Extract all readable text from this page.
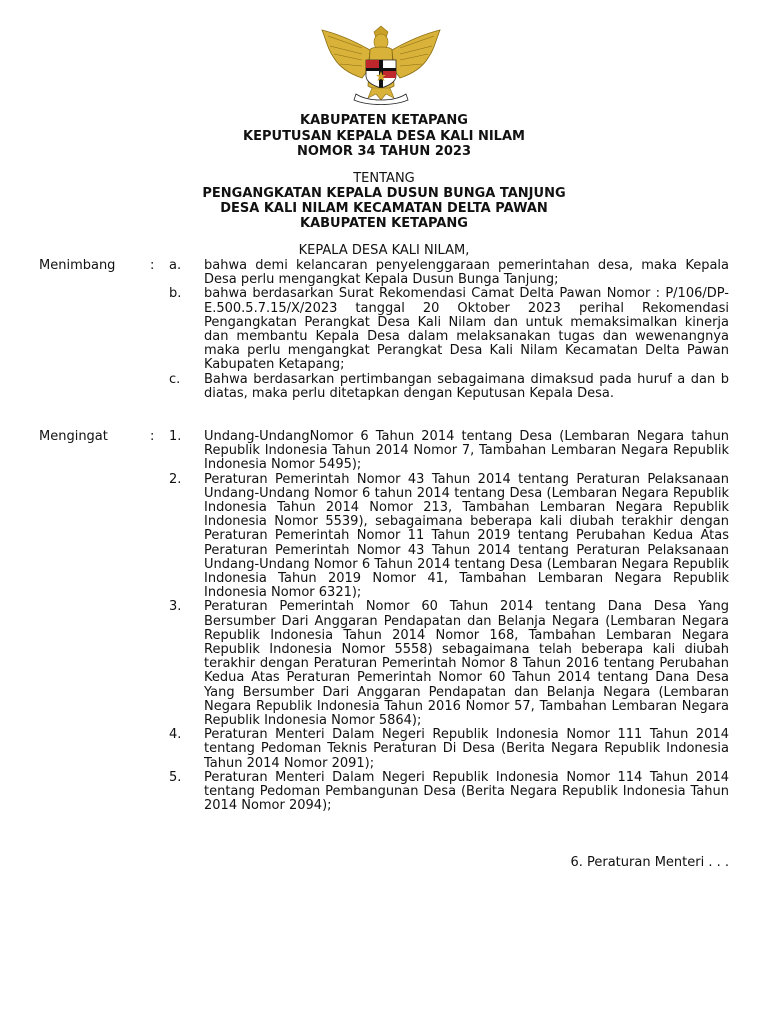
KABUPATEN KETAPANG
KEPUTUSAN KEPALA DESA KALI NILAM
NOMOR 34 TAHUN 2023
TENTANG
PENGANGKATAN KEPALA DUSUN BUNGA TANJUNG
DESA KALI NILAM KECAMATAN DELTA PAWAN
KABUPATEN KETAPANG
KEPALA DESA KALI NILAM,
Menimbang	: a. bahwa demi kelancaran penyelenggaraan pemerintahan desa, maka Kepala Desa perlu mengangkat Kepala Dusun Bunga Tanjung;
b. bahwa berdasarkan Surat Rekomendasi Camat Delta Pawan Nomor : P/106/DP-E.500.5.7.15/X/2023 tanggal 20 Oktober 2023 perihal Rekomendasi Pengangkatan Perangkat Desa Kali Nilam dan untuk memaksimalkan kinerja dan membantu Kepala Desa dalam melaksanakan tugas dan wewenangnya maka perlu mengangkat Perangkat Desa Kali Nilam Kecamatan Delta Pawan Kabupaten Ketapang;
c. Bahwa berdasarkan pertimbangan sebagaimana dimaksud pada huruf a dan b diatas, maka perlu ditetapkan dengan Keputusan Kepala Desa.
Mengingat	: 1. Undang-UndangNomor 6 Tahun 2014 tentang Desa (Lembaran Negara tahun Republik Indonesia Tahun 2014 Nomor 7, Tambahan Lembaran Negara Republik Indonesia Nomor 5495);
2. Peraturan Pemerintah Nomor 43 Tahun 2014 tentang Peraturan Pelaksanaan Undang-Undang Nomor 6 tahun 2014 tentang Desa (Lembaran Negara Republik Indonesia Tahun 2014 Nomor 213, Tambahan Lembaran Negara Republik Indonesia Nomor 5539), sebagaimana beberapa kali diubah terakhir dengan Peraturan Pemerintah Nomor 11 Tahun 2019 tentang Perubahan Kedua Atas Peraturan Pemerintah Nomor 43 Tahun 2014 tentang Peraturan Pelaksanaan Undang-Undang Nomor 6 Tahun 2014 tentang Desa (Lembaran Negara Republik Indonesia Tahun 2019 Nomor 41, Tambahan Lembaran Negara Republik Indonesia Nomor 6321);
3. Peraturan Pemerintah Nomor 60 Tahun 2014 tentang Dana Desa Yang Bersumber Dari Anggaran Pendapatan dan Belanja Negara (Lembaran Negara Republik Indonesia Tahun 2014 Nomor 168, Tambahan Lembaran Negara Republik Indonesia Nomor 5558) sebagaimana telah beberapa kali diubah terakhir dengan Peraturan Pemerintah Nomor 8 Tahun 2016 tentang Perubahan Kedua Atas Peraturan Pemerintah Nomor 60 Tahun 2014 tentang Dana Desa Yang Bersumber Dari Anggaran Pendapatan dan Belanja Negara (Lembaran Negara Republik Indonesia Tahun 2016 Nomor 57, Tambahan Lembaran Negara Republik Indonesia Nomor 5864);
4. Peraturan Menteri Dalam Negeri Republik Indonesia Nomor 111 Tahun 2014 tentang Pedoman Teknis Peraturan Di Desa (Berita Negara Republik Indonesia Tahun 2014 Nomor 2091);
5. Peraturan Menteri Dalam Negeri Republik Indonesia Nomor 114 Tahun 2014 tentang Pedoman Pembangunan Desa (Berita Negara Republik Indonesia Tahun 2014 Nomor 2094);
6. Peraturan Menteri . . .
